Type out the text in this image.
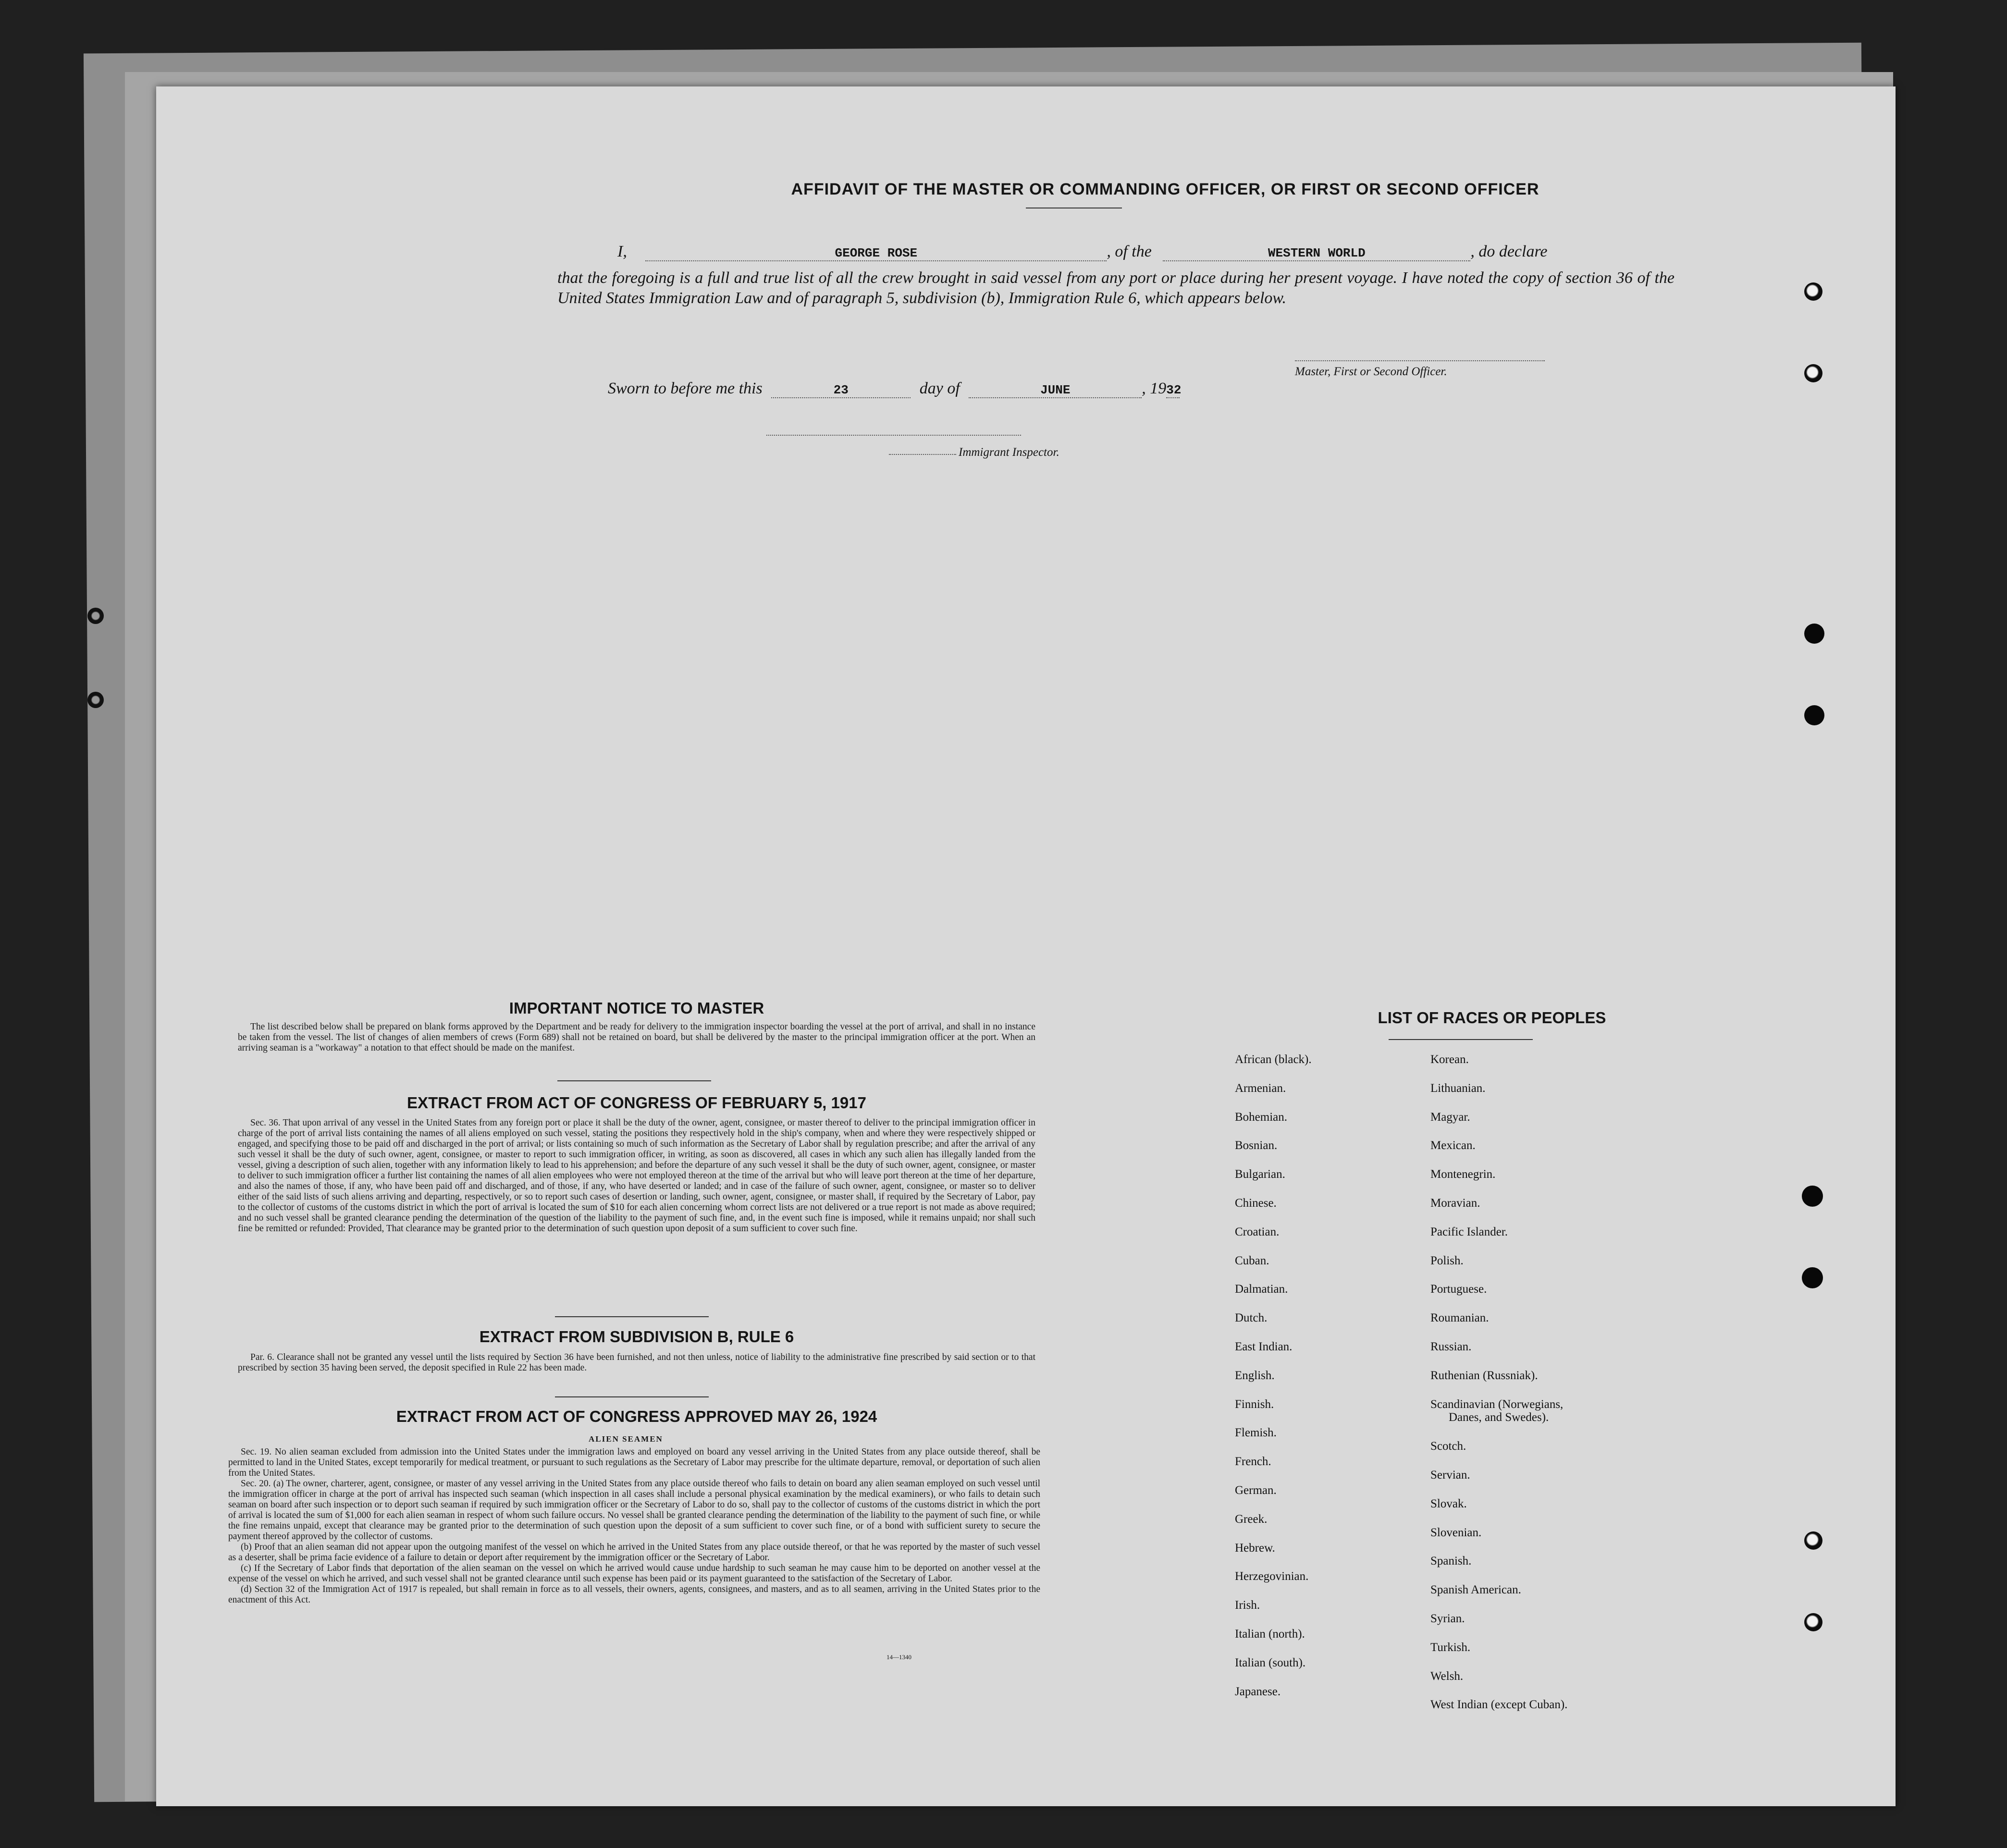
AFFIDAVIT OF THE MASTER OR COMMANDING OFFICER, OR FIRST OR SECOND OFFICER
I,	GEORGE ROSE	, of the	WESTERN WORLD	, do declare
that the foregoing is a full and true list of all the crew brought in said vessel from any port or place during her present voyage. I have noted the copy of section 36 of the United States Immigration Law and of paragraph 5, subdivision (b), Immigration Rule 6, which appears below.
Master, First or Second Officer.
Sworn to before me this	23	day of	JUNE	, 1932
Immigrant Inspector.
IMPORTANT NOTICE TO MASTER

The list described below shall be prepared on blank forms approved by the Department and be ready for delivery to the immigration inspector boarding the vessel at the port of arrival, and shall in no instance be taken from the vessel. The list of changes of alien members of crews (Form 689) shall not be retained on board, but shall be delivered by the master to the principal immigration officer at the port. When an arriving seaman is a "workaway" a notation to that effect should be made on the manifest.

EXTRACT FROM ACT OF CONGRESS OF FEBRUARY 5, 1917

Sec. 36. That upon arrival of any vessel in the United States from any foreign port or place it shall be the duty of the owner, agent, consignee, or master thereof to deliver to the principal immigration officer in charge of the port of arrival lists containing the names of all aliens employed on such vessel, stating the positions they respectively hold in the ship's company, when and where they were respectively shipped or engaged, and specifying those to be paid off and discharged in the port of arrival; or lists containing so much of such information as the Secretary of Labor shall by regulation prescribe; and after the arrival of any such vessel it shall be the duty of such owner, agent, consignee, or master to report to such immigration officer, in writing, as soon as discovered, all cases in which any such alien has illegally landed from the vessel, giving a description of such alien, together with any information likely to lead to his apprehension; and before the departure of any such vessel it shall be the duty of such owner, agent, consignee, or master to deliver to such immigration officer a further list containing the names of all alien employees who were not employed thereon at the time of the arrival but who will leave port thereon at the time of her departure, and also the names of those, if any, who have been paid off and discharged, and of those, if any, who have deserted or landed; and in case of the failure of such owner, agent, consignee, or master so to deliver either of the said lists of such aliens arriving and departing, respectively, or so to report such cases of desertion or landing, such owner, agent, consignee, or master shall, if required by the Secretary of Labor, pay to the collector of customs of the customs district in which the port of arrival is located the sum of $10 for each alien concerning whom correct lists are not delivered or a true report is not made as above required; and no such vessel shall be granted clearance pending the determination of the question of the liability to the payment of such fine, and, in the event such fine is imposed, while it remains unpaid; nor shall such fine be remitted or refunded: Provided, That clearance may be granted prior to the determination of such question upon deposit of a sum sufficient to cover such fine.

EXTRACT FROM SUBDIVISION B, RULE 6

Par. 6. Clearance shall not be granted any vessel until the lists required by Section 36 have been furnished, and not then unless, notice of liability to the administrative fine prescribed by said section or to that prescribed by section 35 having been served, the deposit specified in Rule 22 has been made.

EXTRACT FROM ACT OF CONGRESS APPROVED MAY 26, 1924
ALIEN SEAMEN

Sec. 19. No alien seaman excluded from admission into the United States under the immigration laws and employed on board any vessel arriving in the United States from any place outside thereof, shall be permitted to land in the United States, except temporarily for medical treatment, or pursuant to such regulations as the Secretary of Labor may prescribe for the ultimate departure, removal, or deportation of such alien from the United States.

Sec. 20. (a) The owner, charterer, agent, consignee, or master of any vessel arriving in the United States from any place outside thereof who fails to detain on board any alien seaman employed on such vessel until the immigration officer in charge at the port of arrival has inspected such seaman (which inspection in all cases shall include a personal physical examination by the medical examiners), or who fails to detain such seaman on board after such inspection or to deport such seaman if required by such immigration officer or the Secretary of Labor to do so, shall pay to the collector of customs of the customs district in which the port of arrival is located the sum of $1,000 for each alien seaman in respect of whom such failure occurs. No vessel shall be granted clearance pending the determination of the liability to the payment of such fine, or while the fine remains unpaid, except that clearance may be granted prior to the determination of such question upon the deposit of a sum sufficient to cover such fine, or of a bond with sufficient surety to secure the payment thereof approved by the collector of customs.

(b) Proof that an alien seaman did not appear upon the outgoing manifest of the vessel on which he arrived in the United States from any place outside thereof, or that he was reported by the master of such vessel as a deserter, shall be prima facie evidence of a failure to detain or deport after requirement by the immigration officer or the Secretary of Labor.

(c) If the Secretary of Labor finds that deportation of the alien seaman on the vessel on which he arrived would cause undue hardship to such seaman he may cause him to be deported on another vessel at the expense of the vessel on which he arrived, and such vessel shall not be granted clearance until such expense has been paid or its payment guaranteed to the satisfaction of the Secretary of Labor.

(d) Section 32 of the Immigration Act of 1917 is repealed, but shall remain in force as to all vessels, their owners, agents, consignees, and masters, and as to all seamen, arriving in the United States prior to the enactment of this Act.

14—1340
LIST OF RACES OR PEOPLES
African (black).
Armenian.
Bohemian.
Bosnian.
Bulgarian.
Chinese.
Croatian.
Cuban.
Dalmatian.
Dutch.
East Indian.
English.
Finnish.
Flemish.
French.
German.
Greek.
Hebrew.
Herzegovinian.
Irish.
Italian (north).
Italian (south).
Japanese.
Korean.
Lithuanian.
Magyar.
Mexican.
Montenegrin.
Moravian.
Pacific Islander.
Polish.
Portuguese.
Roumanian.
Russian.
Ruthenian (Russniak).
Scandinavian (Norwegians,
Danes, and Swedes).
Scotch.
Servian.
Slovak.
Slovenian.
Spanish.
Spanish American.
Syrian.
Turkish.
Welsh.
West Indian (except Cuban).
